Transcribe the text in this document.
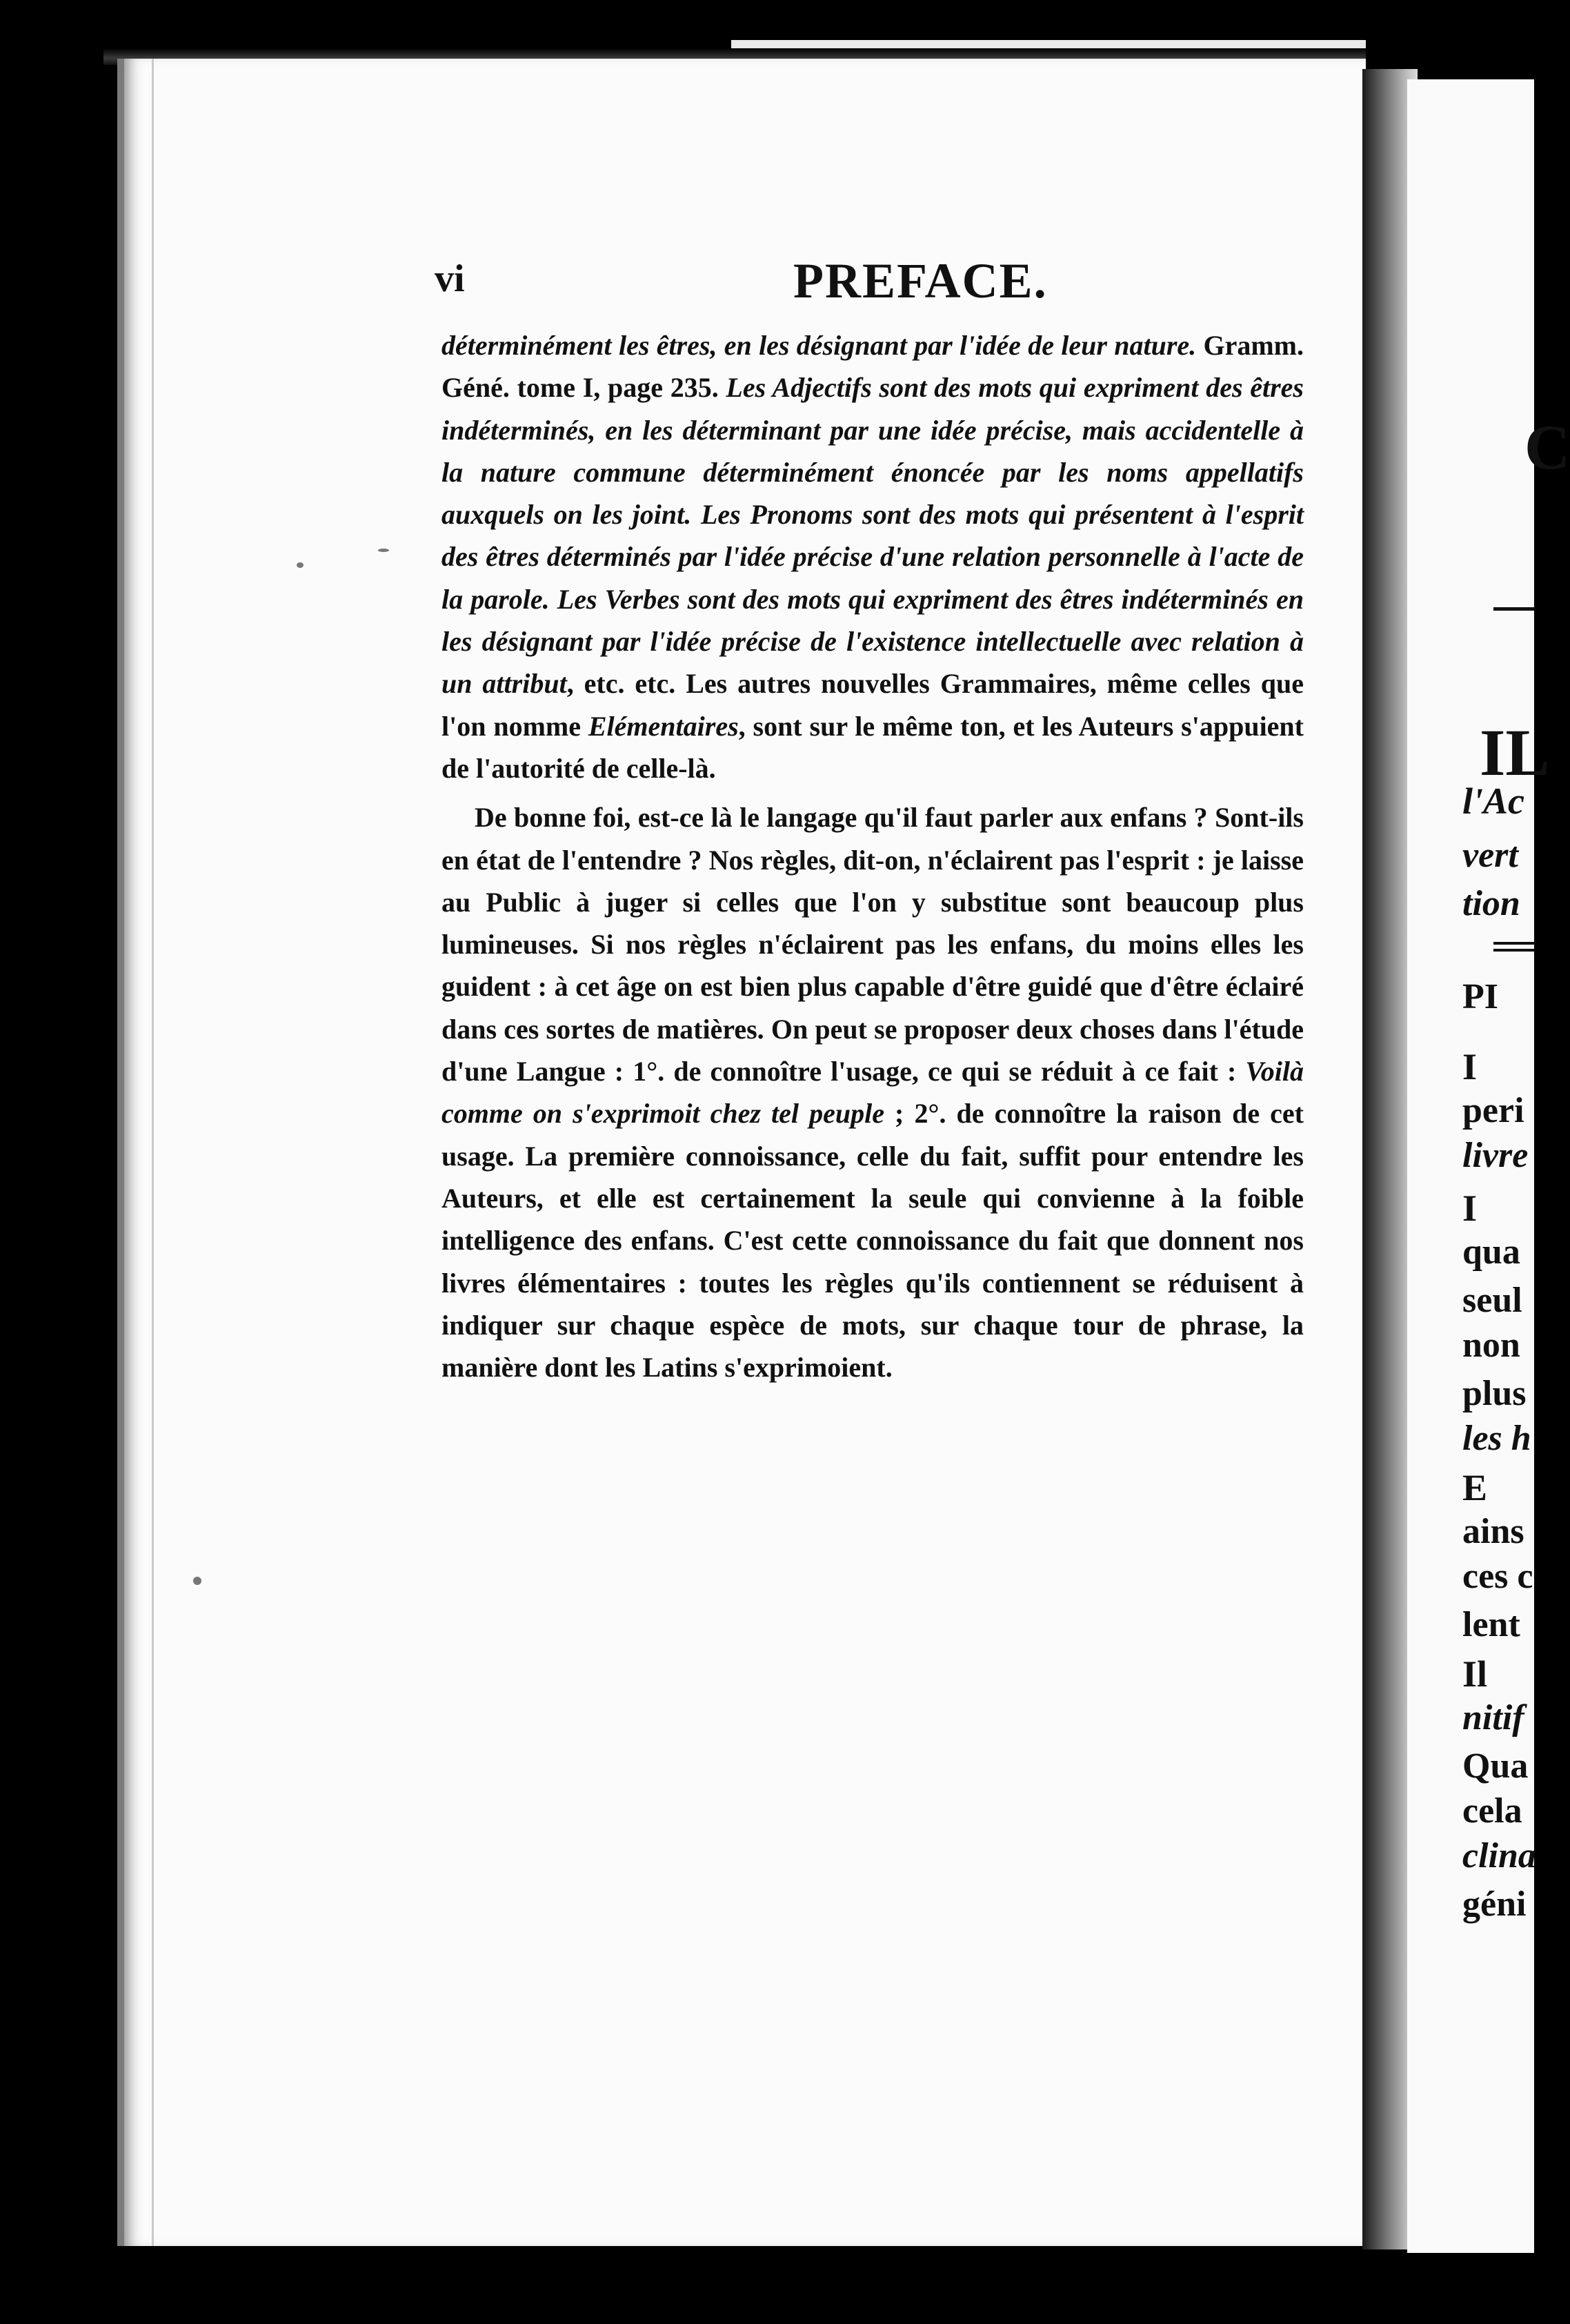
C
IL
l'Ac
vert
tion
PI
I
peri
livre
I
qua
seul
non
plus
les h
E
ains
ces c
lent
Il
nitif
Qua
cela
clina
géni
vi	PREFACE.

déterminément les êtres, en les désignant par l'idée de leur nature. Gramm. Géné. tome I, page 235. Les Adjectifs sont des mots qui expriment des êtres indéterminés, en les déterminant par une idée précise, mais accidentelle à la nature commune déterminément énoncée par les noms appellatifs auxquels on les joint. Les Pronoms sont des mots qui présentent à l'esprit des êtres déterminés par l'idée précise d'une relation personnelle à l'acte de la parole. Les Verbes sont des mots qui expriment des êtres indéterminés en les désignant par l'idée précise de l'existence intellectuelle avec relation à un attribut, etc. etc. Les autres nouvelles Grammaires, même celles que l'on nomme Elémentaires, sont sur le même ton, et les Auteurs s'appuient de l'autorité de celle-là.

De bonne foi, est-ce là le langage qu'il faut parler aux enfans ? Sont-ils en état de l'entendre ? Nos règles, dit-on, n'éclairent pas l'esprit : je laisse au Public à juger si celles que l'on y substitue sont beaucoup plus lumineuses. Si nos règles n'éclairent pas les enfans, du moins elles les guident : à cet âge on est bien plus capable d'être guidé que d'être éclairé dans ces sortes de matières. On peut se proposer deux choses dans l'étude d'une Langue : 1°. de connoître l'usage, ce qui se réduit à ce fait : Voilà comme on s'exprimoit chez tel peuple ; 2°. de connoître la raison de cet usage. La première connoissance, celle du fait, suffit pour entendre les Auteurs, et elle est certainement la seule qui convienne à la foible intelligence des enfans. C'est cette connoissance du fait que donnent nos livres élémentaires : toutes les règles qu'ils contiennent se réduisent à indiquer sur chaque espèce de mots, sur chaque tour de phrase, la manière dont les Latins s'exprimoient.
